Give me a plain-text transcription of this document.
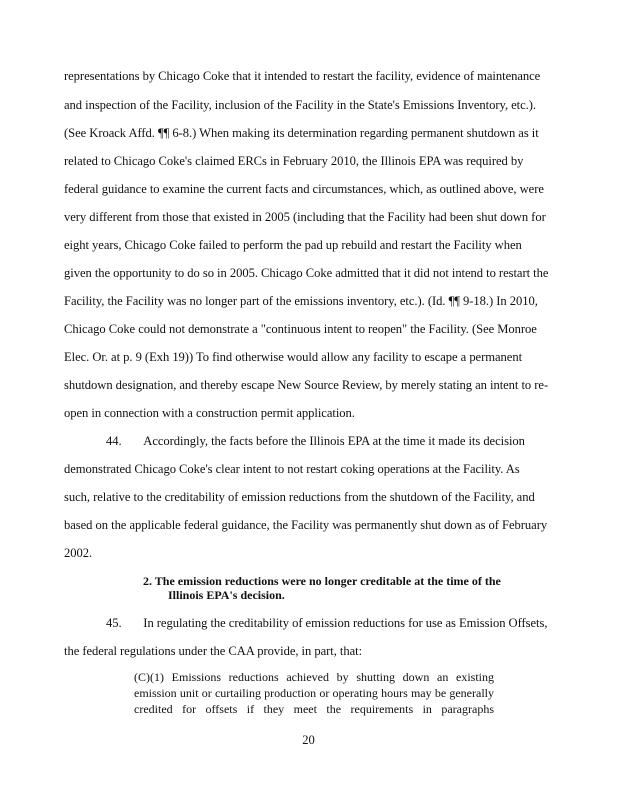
representations by Chicago Coke that it intended to restart the facility, evidence of maintenance
and inspection of the Facility, inclusion of the Facility in the State's Emissions Inventory, etc.).
(See Kroack Affd. ¶¶ 6-8.) When making its determination regarding permanent shutdown as it
related to Chicago Coke's claimed ERCs in February 2010, the Illinois EPA was required by
federal guidance to examine the current facts and circumstances, which, as outlined above, were
very different from those that existed in 2005 (including that the Facility had been shut down for
eight years, Chicago Coke failed to perform the pad up rebuild and restart the Facility when
given the opportunity to do so in 2005. Chicago Coke admitted that it did not intend to restart the
Facility, the Facility was no longer part of the emissions inventory, etc.). (Id. ¶¶ 9-18.) In 2010,
Chicago Coke could not demonstrate a "continuous intent to reopen" the Facility. (See Monroe
Elec. Or. at p. 9 (Exh 19)) To find otherwise would allow any facility to escape a permanent
shutdown designation, and thereby escape New Source Review, by merely stating an intent to re-
open in connection with a construction permit application.
44. Accordingly, the facts before the Illinois EPA at the time it made its decision
demonstrated Chicago Coke's clear intent to not restart coking operations at the Facility. As
such, relative to the creditability of emission reductions from the shutdown of the Facility, and
based on the applicable federal guidance, the Facility was permanently shut down as of February
2002.
2. The emission reductions were no longer creditable at the time of the
Illinois EPA's decision.
45. In regulating the creditability of emission reductions for use as Emission Offsets,
the federal regulations under the CAA provide, in part, that:
(C)(1) Emissions reductions achieved by shutting down an existing
emission unit or curtailing production or operating hours may be generally
credited for offsets if they meet the requirements in paragraphs
20
